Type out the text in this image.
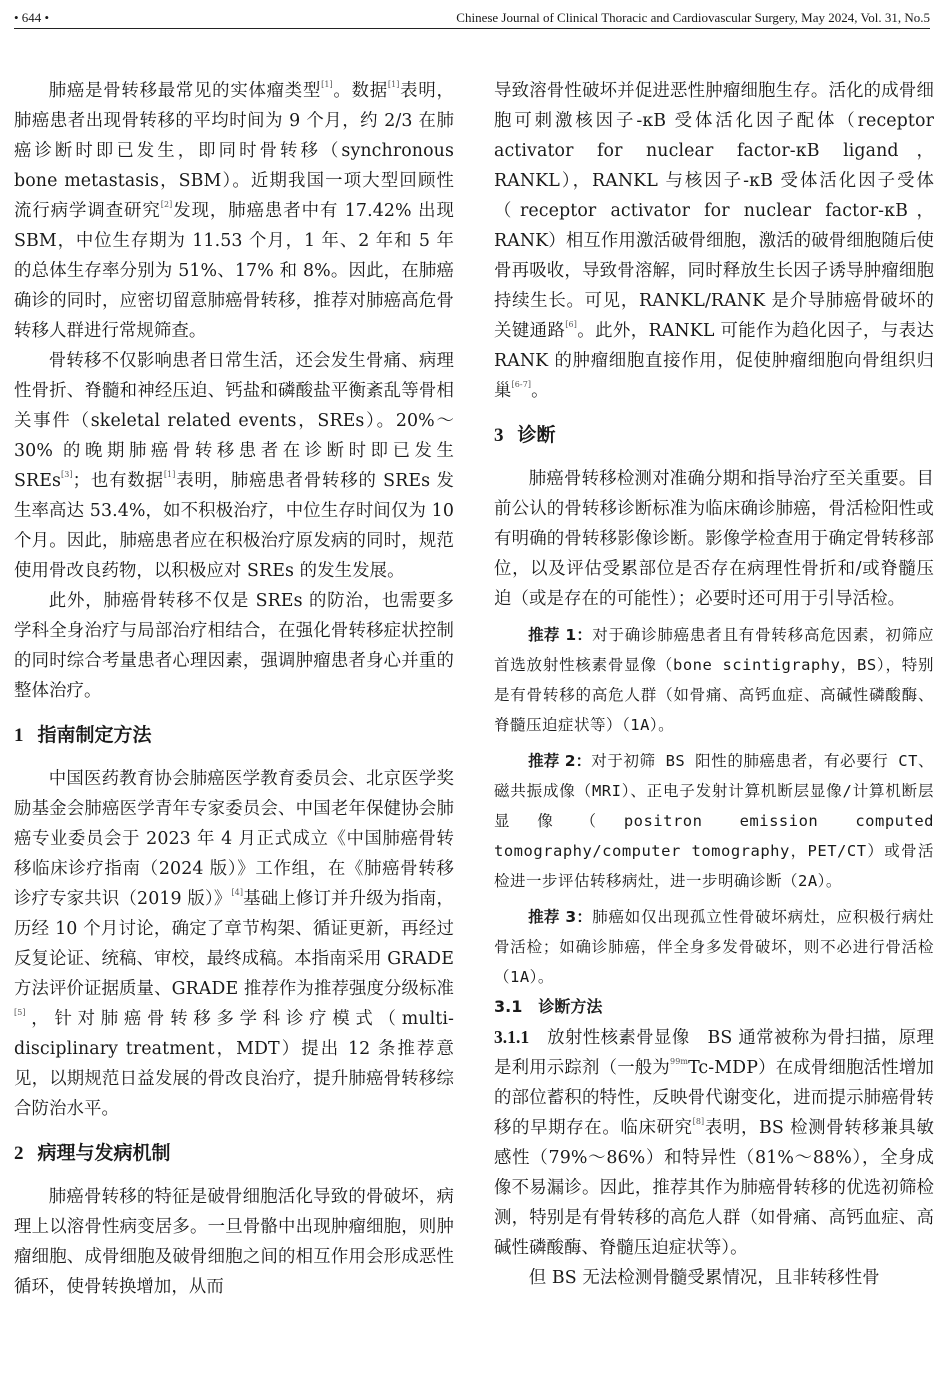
• 644 •	Chinese Journal of Clinical Thoracic and Cardiovascular Surgery, May 2024, Vol. 31, No.5

肺癌是骨转移最常见的实体瘤类型[1]。数据[1]表明，肺癌患者出现骨转移的平均时间为 9 个月，约 2/3 在肺癌诊断时即已发生，即同时骨转移（synchronous bone metastasis，SBM）。近期我国一项大型回顾性流行病学调查研究[2]发现，肺癌患者中有 17.42% 出现 SBM，中位生存期为 11.53 个月，1 年、2 年和 5 年的总体生存率分别为 51%、17% 和 8%。因此，在肺癌确诊的同时，应密切留意肺癌骨转移，推荐对肺癌高危骨转移人群进行常规筛查。

骨转移不仅影响患者日常生活，还会发生骨痛、病理性骨折、脊髓和神经压迫、钙盐和磷酸盐平衡紊乱等骨相关事件（skeletal related events，SREs）。20%～30% 的晚期肺癌骨转移患者在诊断时即已发生 SREs[3]；也有数据[1]表明，肺癌患者骨转移的 SREs 发生率高达 53.4%，如不积极治疗，中位生存时间仅为 10 个月。因此，肺癌患者应在积极治疗原发病的同时，规范使用骨改良药物，以积极应对 SREs 的发生发展。

此外，肺癌骨转移不仅是 SREs 的防治，也需要多学科全身治疗与局部治疗相结合，在强化骨转移症状控制的同时综合考量患者心理因素，强调肿瘤患者身心并重的整体治疗。

1 指南制定方法

中国医药教育协会肺癌医学教育委员会、北京医学奖励基金会肺癌医学青年专家委员会、中国老年保健协会肺癌专业委员会于 2023 年 4 月正式成立《中国肺癌骨转移临床诊疗指南（2024 版）》工作组，在《肺癌骨转移诊疗专家共识（2019 版）》[4]基础上修订并升级为指南，历经 10 个月讨论，确定了章节构架、循证更新，再经过反复论证、统稿、审校，最终成稿。本指南采用 GRADE 方法评价证据质量、GRADE 推荐作为推荐强度分级标准[5]，针对肺癌骨转移多学科诊疗模式（multi-disciplinary treatment，MDT）提出 12 条推荐意见，以期规范日益发展的骨改良治疗，提升肺癌骨转移综合防治水平。

2 病理与发病机制

肺癌骨转移的特征是破骨细胞活化导致的骨破坏，病理上以溶骨性病变居多。一旦骨骼中出现肿瘤细胞，则肿瘤细胞、成骨细胞及破骨细胞之间的相互作用会形成恶性循环，使骨转换增加，从而

导致溶骨性破坏并促进恶性肿瘤细胞生存。活化的成骨细胞可刺激核因子-κB 受体活化因子配体（receptor activator for nuclear factor-κB ligand，RANKL），RANKL 与核因子-κB 受体活化因子受体（receptor activator for nuclear factor-κB，RANK）相互作用激活破骨细胞，激活的破骨细胞随后使骨再吸收，导致骨溶解，同时释放生长因子诱导肿瘤细胞持续生长。可见，RANKL/RANK 是介导肺癌骨破坏的关键通路[6]。此外，RANKL 可能作为趋化因子，与表达 RANK 的肿瘤细胞直接作用，促使肿瘤细胞向骨组织归巢[6-7]。

3 诊断

肺癌骨转移检测对准确分期和指导治疗至关重要。目前公认的骨转移诊断标准为临床确诊肺癌，骨活检阳性或有明确的骨转移影像诊断。影像学检查用于确定骨转移部位，以及评估受累部位是否存在病理性骨折和/或脊髓压迫（或是存在的可能性）；必要时还可用于引导活检。

推荐 1：对于确诊肺癌患者且有骨转移高危因素，初筛应首选放射性核素骨显像（bone scintigraphy，BS），特别是有骨转移的高危人群（如骨痛、高钙血症、高碱性磷酸酶、脊髓压迫症状等）（1A）。

推荐 2：对于初筛 BS 阳性的肺癌患者，有必要行 CT、磁共振成像（MRI）、正电子发射计算机断层显像/计算机断层显像（positron emission computed tomography/computer tomography，PET/CT）或骨活检进一步评估转移病灶，进一步明确诊断（2A）。

推荐 3：肺癌如仅出现孤立性骨破坏病灶，应积极行病灶骨活检；如确诊肺癌，伴全身多发骨破坏，则不必进行骨活检（1A）。

3.1 诊断方法

3.1.1 放射性核素骨显像 BS 通常被称为骨扫描，原理是利用示踪剂（一般为$^{99m}$Tc-MDP）在成骨细胞活性增加的部位蓄积的特性，反映骨代谢变化，进而提示肺癌骨转移的早期存在。临床研究[8]表明，BS 检测骨转移兼具敏感性（79%～86%）和特异性（81%～88%），全身成像不易漏诊。因此，推荐其作为肺癌骨转移的优选初筛检测，特别是有骨转移的高危人群（如骨痛、高钙血症、高碱性磷酸酶、脊髓压迫症状等）。

但 BS 无法检测骨髓受累情况，且非转移性骨
